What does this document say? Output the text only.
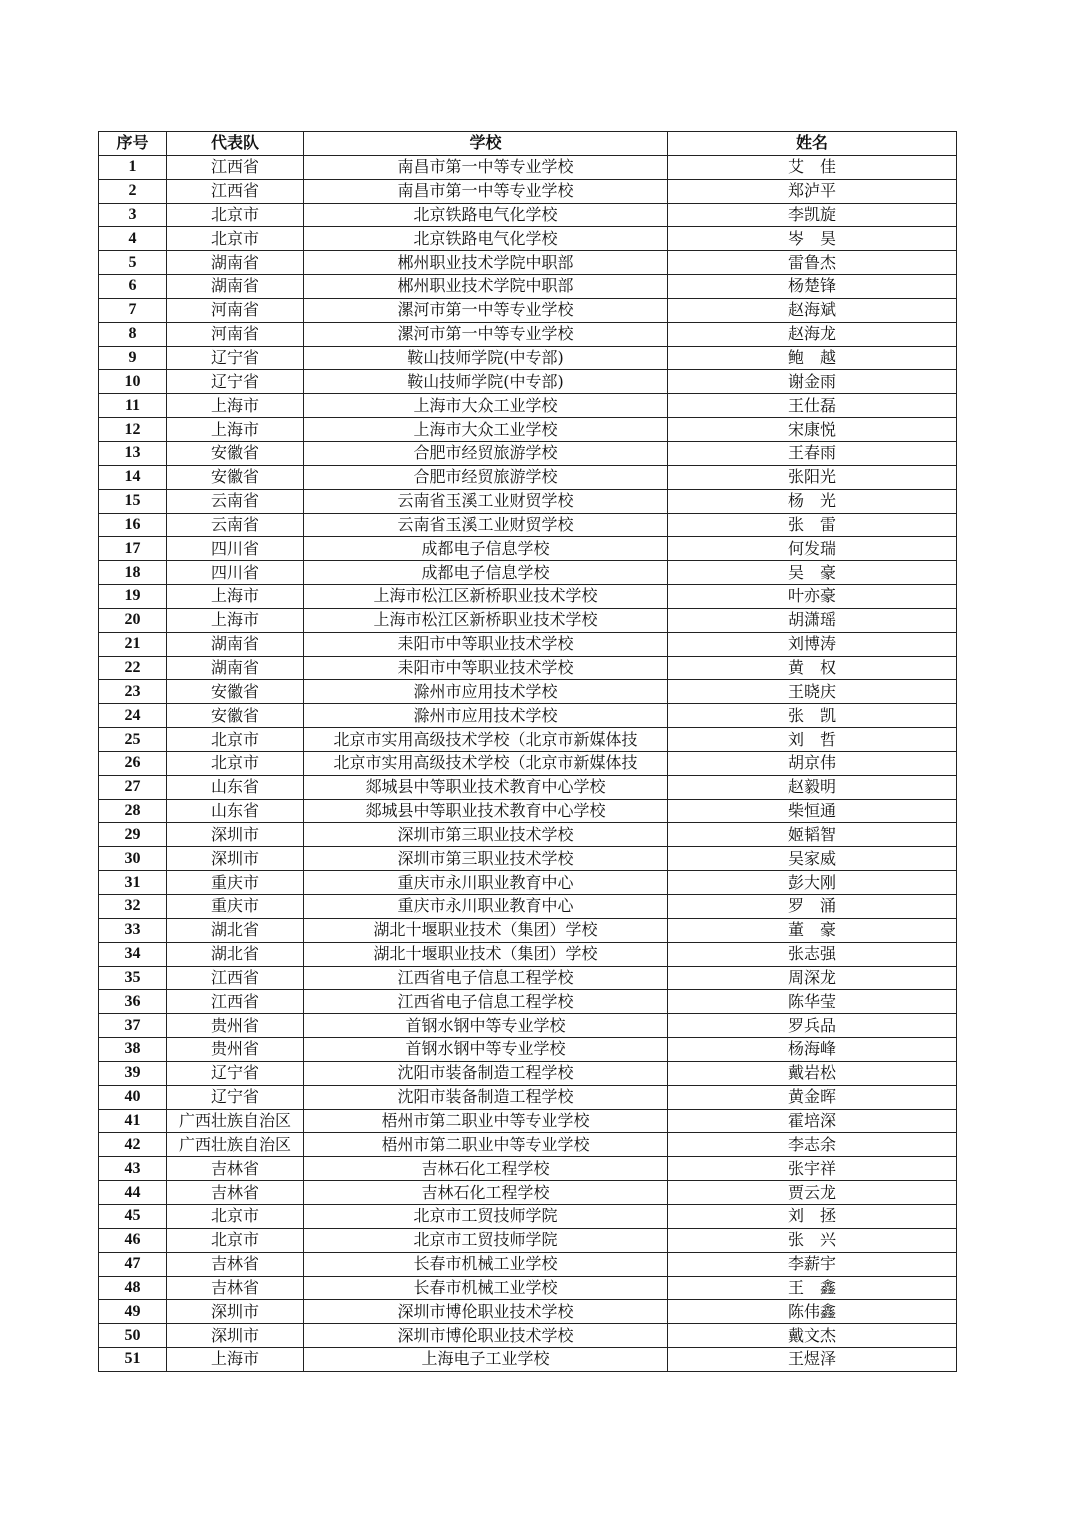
序号	代表队	学校	姓名
1	江西省	南昌市第一中等专业学校	艾　佳
2	江西省	南昌市第一中等专业学校	郑泸平
3	北京市	北京铁路电气化学校	李凯旋
4	北京市	北京铁路电气化学校	岑　昊
5	湖南省	郴州职业技术学院中职部	雷鲁杰
6	湖南省	郴州职业技术学院中职部	杨楚锋
7	河南省	漯河市第一中等专业学校	赵海斌
8	河南省	漯河市第一中等专业学校	赵海龙
9	辽宁省	鞍山技师学院(中专部)	鲍　越
10	辽宁省	鞍山技师学院(中专部)	谢金雨
11	上海市	上海市大众工业学校	王仕磊
12	上海市	上海市大众工业学校	宋康悦
13	安徽省	合肥市经贸旅游学校	王春雨
14	安徽省	合肥市经贸旅游学校	张阳光
15	云南省	云南省玉溪工业财贸学校	杨　光
16	云南省	云南省玉溪工业财贸学校	张　雷
17	四川省	成都电子信息学校	何发瑞
18	四川省	成都电子信息学校	吴　豪
19	上海市	上海市松江区新桥职业技术学校	叶亦豪
20	上海市	上海市松江区新桥职业技术学校	胡潇瑶
21	湖南省	耒阳市中等职业技术学校	刘博涛
22	湖南省	耒阳市中等职业技术学校	黄　权
23	安徽省	滁州市应用技术学校	王晓庆
24	安徽省	滁州市应用技术学校	张　凯
25	北京市	北京市实用高级技术学校（北京市新媒体技	刘　哲
26	北京市	北京市实用高级技术学校（北京市新媒体技	胡京伟
27	山东省	郯城县中等职业技术教育中心学校	赵毅明
28	山东省	郯城县中等职业技术教育中心学校	柴恒通
29	深圳市	深圳市第三职业技术学校	姬韬智
30	深圳市	深圳市第三职业技术学校	吴家威
31	重庆市	重庆市永川职业教育中心	彭大刚
32	重庆市	重庆市永川职业教育中心	罗　涌
33	湖北省	湖北十堰职业技术（集团）学校	董　豪
34	湖北省	湖北十堰职业技术（集团）学校	张志强
35	江西省	江西省电子信息工程学校	周深龙
36	江西省	江西省电子信息工程学校	陈华莹
37	贵州省	首钢水钢中等专业学校	罗兵品
38	贵州省	首钢水钢中等专业学校	杨海峰
39	辽宁省	沈阳市装备制造工程学校	戴岩松
40	辽宁省	沈阳市装备制造工程学校	黄金晖
41	广西壮族自治区	梧州市第二职业中等专业学校	霍培深
42	广西壮族自治区	梧州市第二职业中等专业学校	李志余
43	吉林省	吉林石化工程学校	张宇祥
44	吉林省	吉林石化工程学校	贾云龙
45	北京市	北京市工贸技师学院	刘　拯
46	北京市	北京市工贸技师学院	张　兴
47	吉林省	长春市机械工业学校	李薪宇
48	吉林省	长春市机械工业学校	王　鑫
49	深圳市	深圳市博伦职业技术学校	陈伟鑫
50	深圳市	深圳市博伦职业技术学校	戴文杰
51	上海市	上海电子工业学校	王煜泽
